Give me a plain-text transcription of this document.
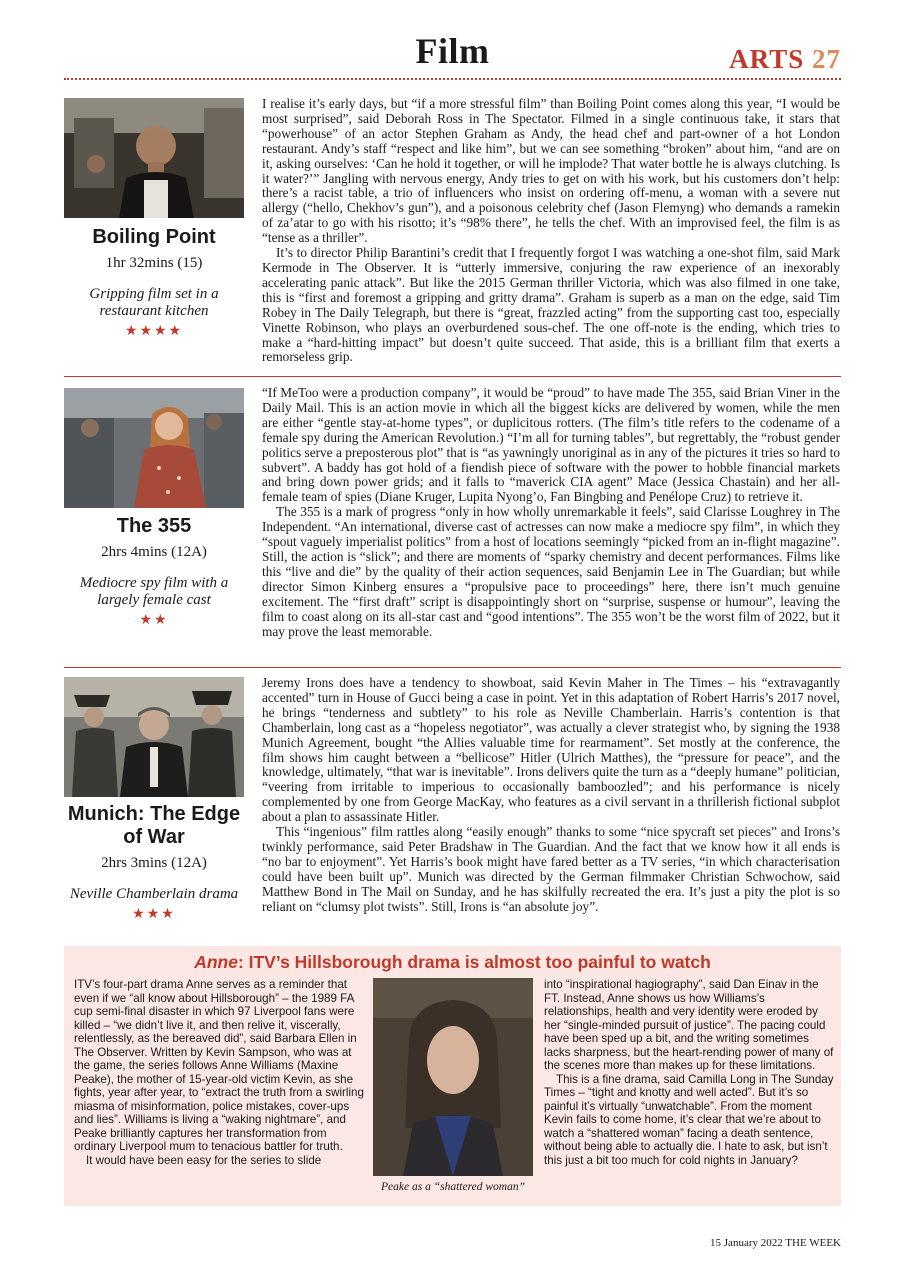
Film	ARTS 27
Boiling Point
1hr 32mins (15)
Gripping film set in a restaurant kitchen
★★★★

I realise it’s early days, but “if a more stressful film” than Boiling Point comes along this year, “I would be most surprised”, said Deborah Ross in The Spectator. Filmed in a single continuous take, it stars that “powerhouse” of an actor Stephen Graham as Andy, the head chef and part-owner of a hot London restaurant. Andy’s staff “respect and like him”, but we can see something “broken” about him, “and are on it, asking ourselves: ‘Can he hold it together, or will he implode? That water bottle he is always clutching. Is it water?’” Jangling with nervous energy, Andy tries to get on with his work, but his customers don’t help: there’s a racist table, a trio of influencers who insist on ordering off-menu, a woman with a severe nut allergy (“hello, Chekhov’s gun”), and a poisonous celebrity chef (Jason Flemyng) who demands a ramekin of za’atar to go with his risotto; it’s “98% there”, he tells the chef. With an improvised feel, the film is as “tense as a thriller”.

It’s to director Philip Barantini’s credit that I frequently forgot I was watching a one-shot film, said Mark Kermode in The Observer. It is “utterly immersive, conjuring the raw experience of an inexorably accelerating panic attack”. But like the 2015 German thriller Victoria, which was also filmed in one take, this is “first and foremost a gripping and gritty drama”. Graham is superb as a man on the edge, said Tim Robey in The Daily Telegraph, but there is “great, frazzled acting” from the supporting cast too, especially Vinette Robinson, who plays an overburdened sous-chef. The one off-note is the ending, which tries to make a “hard-hitting impact” but doesn’t quite succeed. That aside, this is a brilliant film that exerts a remorseless grip.

The 355
2hrs 4mins (12A)
Mediocre spy film with a largely female cast
★★

“If MeToo were a production company”, it would be “proud” to have made The 355, said Brian Viner in the Daily Mail. This is an action movie in which all the biggest kicks are delivered by women, while the men are either “gentle stay-at-home types”, or duplicitous rotters. (The film’s title refers to the codename of a female spy during the American Revolution.) “I’m all for turning tables”, but regrettably, the “robust gender politics serve a preposterous plot” that is “as yawningly unoriginal as in any of the pictures it tries so hard to subvert”. A baddy has got hold of a fiendish piece of software with the power to hobble financial markets and bring down power grids; and it falls to “maverick CIA agent” Mace (Jessica Chastain) and her all-female team of spies (Diane Kruger, Lupita Nyong’o, Fan Bingbing and Penélope Cruz) to retrieve it.

The 355 is a mark of progress “only in how wholly unremarkable it feels”, said Clarisse Loughrey in The Independent. “An international, diverse cast of actresses can now make a mediocre spy film”, in which they “spout vaguely imperialist politics” from a host of locations seemingly “picked from an in-flight magazine”. Still, the action is “slick”; and there are moments of “sparky chemistry and decent performances. Films like this “live and die” by the quality of their action sequences, said Benjamin Lee in The Guardian; but while director Simon Kinberg ensures a “propulsive pace to proceedings” here, there isn’t much genuine excitement. The “first draft” script is disappointingly short on “surprise, suspense or humour”, leaving the film to coast along on its all-star cast and “good intentions”. The 355 won’t be the worst film of 2022, but it may prove the least memorable.

Munich: The Edge of War
2hrs 3mins (12A)
Neville Chamberlain drama
★★★

Jeremy Irons does have a tendency to showboat, said Kevin Maher in The Times – his “extravagantly accented” turn in House of Gucci being a case in point. Yet in this adaptation of Robert Harris’s 2017 novel, he brings “tenderness and subtlety” to his role as Neville Chamberlain. Harris’s contention is that Chamberlain, long cast as a “hopeless negotiator”, was actually a clever strategist who, by signing the 1938 Munich Agreement, bought “the Allies valuable time for rearmament”. Set mostly at the conference, the film shows him caught between a “bellicose” Hitler (Ulrich Matthes), the “pressure for peace”, and the knowledge, ultimately, “that war is inevitable”. Irons delivers quite the turn as a “deeply humane” politician, “veering from irritable to imperious to occasionally bamboozled”; and his performance is nicely complemented by one from George MacKay, who features as a civil servant in a thrillerish fictional subplot about a plan to assassinate Hitler.

This “ingenious” film rattles along “easily enough” thanks to some “nice spycraft set pieces” and Irons’s twinkly performance, said Peter Bradshaw in The Guardian. And the fact that we know how it all ends is “no bar to enjoyment”. Yet Harris’s book might have fared better as a TV series, “in which characterisation could have been built up”. Munich was directed by the German filmmaker Christian Schwochow, said Matthew Bond in The Mail on Sunday, and he has skilfully recreated the era. It’s just a pity the plot is so reliant on “clumsy plot twists”. Still, Irons is “an absolute joy”.

Anne: ITV’s Hillsborough drama is almost too painful to watch

ITV’s four-part drama Anne serves as a reminder that even if we “all know about Hillsborough” – the 1989 FA cup semi-final disaster in which 97 Liverpool fans were killed – “we didn’t live it, and then relive it, viscerally, relentlessly, as the bereaved did”, said Barbara Ellen in The Observer. Written by Kevin Sampson, who was at the game, the series follows Anne Williams (Maxine Peake), the mother of 15-year-old victim Kevin, as she fights, year after year, to “extract the truth from a swirling miasma of misinformation, police mistakes, cover-ups and lies”. Williams is living a “waking nightmare”, and Peake brilliantly captures her transformation from ordinary Liverpool mum to tenacious battler for truth.

It would have been easy for the series to slide

Peake as a “shattered woman”

into “inspirational hagiography”, said Dan Einav in the FT. Instead, Anne shows us how Williams’s relationships, health and very identity were eroded by her “single-minded pursuit of justice”. The pacing could have been sped up a bit, and the writing sometimes lacks sharpness, but the heart-rending power of many of the scenes more than makes up for these limitations.

This is a fine drama, said Camilla Long in The Sunday Times – “tight and knotty and well acted”. But it’s so painful it’s virtually “unwatchable”. From the moment Kevin fails to come home, it’s clear that we’re about to watch a “shattered woman” facing a death sentence, without being able to actually die. I hate to ask, but isn’t this just a bit too much for cold nights in January?

15 January 2022 THE WEEK
